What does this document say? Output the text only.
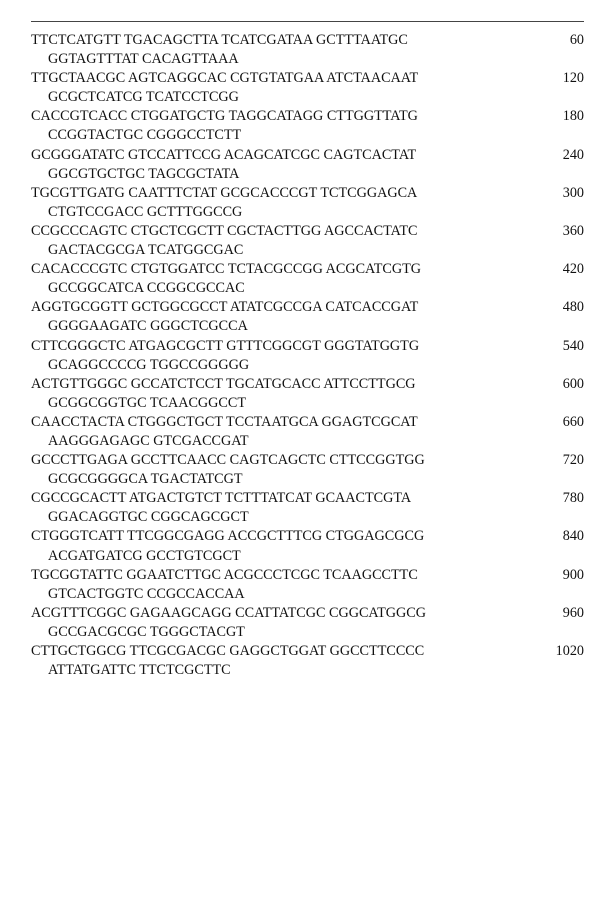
TTCTCATGTT TGACAGCTTA TCATCGATAA GCTTTAATGC	60
GGTAGTTTAT CACAGTTAAA
TTGCTAACGC AGTCAGGCAC CGTGTATGAA ATCTAACAAT	120
GCGCTCATCG TCATCCTCGG
CACCGTCACC CTGGATGCTG TAGGCATAGG CTTGGTTATG	180
CCGGTACTGC CGGGCCTCTT
GCGGGATATC GTCCATTCCG ACAGCATCGC CAGTCACTAT	240
GGCGTGCTGC TAGCGCTATA
TGCGTTGATG CAATTTCTAT GCGCACCCGT TCTCGGAGCA	300
CTGTCCGACC GCTTTGGCCG
CCGCCCAGTC CTGCTCGCTT CGCTACTTGG AGCCACTATC	360
GACTACGCGA TCATGGCGAC
CACACCCGTC CTGTGGATCC TCTACGCCGG ACGCATCGTG	420
GCCGGCATCA CCGGCGCCAC
AGGTGCGGTT GCTGGCGCCT ATATCGCCGA CATCACCGAT	480
GGGGAAGATC GGGCTCGCCA
CTTCGGGCTC ATGAGCGCTT GTTTCGGCGT GGGTATGGTG	540
GCAGGCCCCG TGGCCGGGGG
ACTGTTGGGC GCCATCTCCT TGCATGCACC ATTCCTTGCG	600
GCGGCGGTGC TCAACGGCCT
CAACCTACTA CTGGGCTGCT TCCTAATGCA GGAGTCGCAT	660
AAGGGAGAGC GTCGACCGAT
GCCCTTGAGA GCCTTCAACC CAGTCAGCTC CTTCCGGTGG	720
GCGCGGGGCA TGACTATCGT
CGCCGCACTT ATGACTGTCT TCTTTATCAT GCAACTCGTA	780
GGACAGGTGC CGGCAGCGCT
CTGGGTCATT TTCGGCGAGG ACCGCTTTCG CTGGAGCGCG	840
ACGATGATCG GCCTGTCGCT
TGCGGTATTC GGAATCTTGC ACGCCCTCGC TCAAGCCTTC	900
GTCACTGGTC CCGCCACCAA
ACGTTTCGGC GAGAAGCAGG CCATTATCGC CGGCATGGCG	960
GCCGACGCGC TGGGCTACGT
CTTGCTGGCG TTCGCGACGC GAGGCTGGAT GGCCTTCCCC	1020
ATTATGATTC TTCTCGCTTC
